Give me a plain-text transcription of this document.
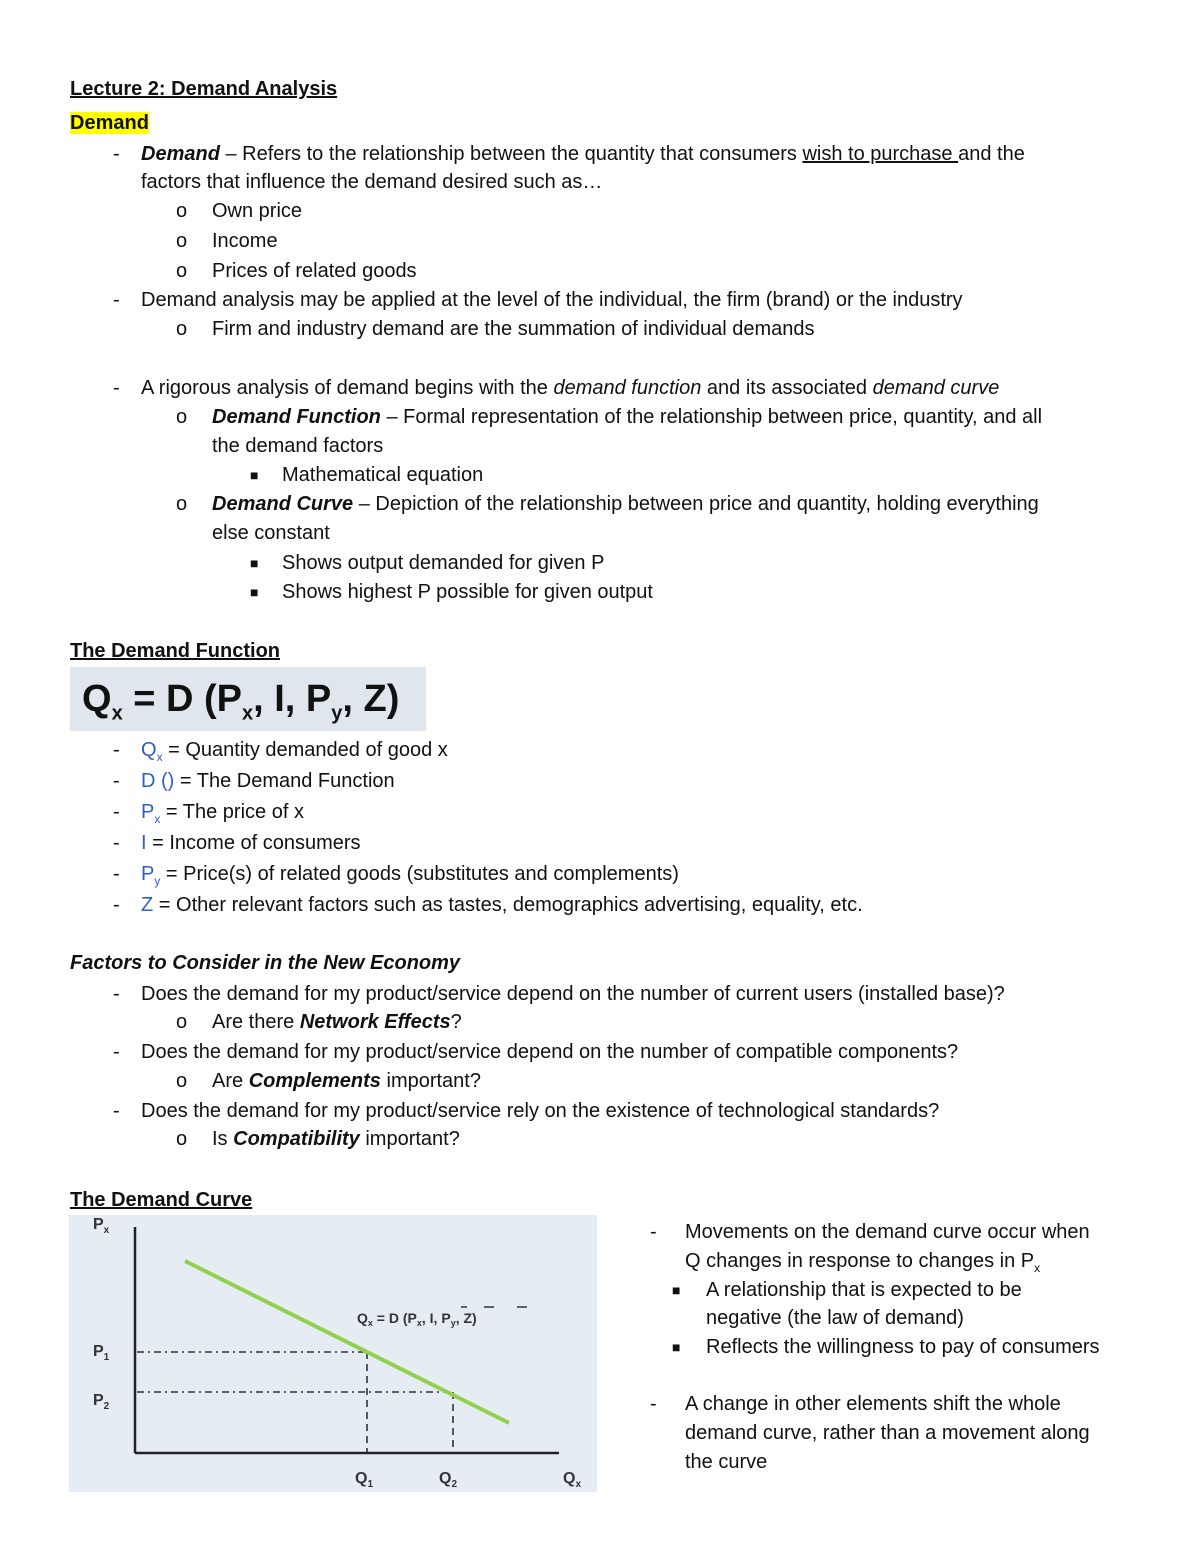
Lecture 2: Demand Analysis
Demand
- Demand – Refers to the relationship between the quantity that consumers wish to purchase and the
factors that influence the demand desired such as…
o Own price
o Income
o Prices of related goods
- Demand analysis may be applied at the level of the individual, the firm (brand) or the industry
o Firm and industry demand are the summation of individual demands
- A rigorous analysis of demand begins with the demand function and its associated demand curve
o Demand Function – Formal representation of the relationship between price, quantity, and all
the demand factors
■ Mathematical equation
o Demand Curve – Depiction of the relationship between price and quantity, holding everything
else constant
■ Shows output demanded for given P
■ Shows highest P possible for given output
The Demand Function
$Q_x = D$ ($P_x$, I, $P_y$, Z)
- $Q_x$ = Quantity demanded of good x
- D () = The Demand Function
- $P_x$ = The price of x
- I = Income of consumers
- $P_y$ = Price(s) of related goods (substitutes and complements)
- Z = Other relevant factors such as tastes, demographics advertising, equality, etc.
Factors to Consider in the New Economy
- Does the demand for my product/service depend on the number of current users (installed base)?
o Are there Network Effects?
- Does the demand for my product/service depend on the number of compatible components?
o Are Complements important?
- Does the demand for my product/service rely on the existence of technological standards?
o Is Compatibility important?
The Demand Curve
$P_x$
$P_1$
$P_2$
$Q_1$	$Q_2$	$Q_x$
$Q_x = D$ ($P_x$, I, $P_y$, Z)
- Movements on the demand curve occur when
Q changes in response to changes in $P_x$
■ A relationship that is expected to be
negative (the law of demand)
■ Reflects the willingness to pay of consumers
- A change in other elements shift the whole
demand curve, rather than a movement along
the curve
